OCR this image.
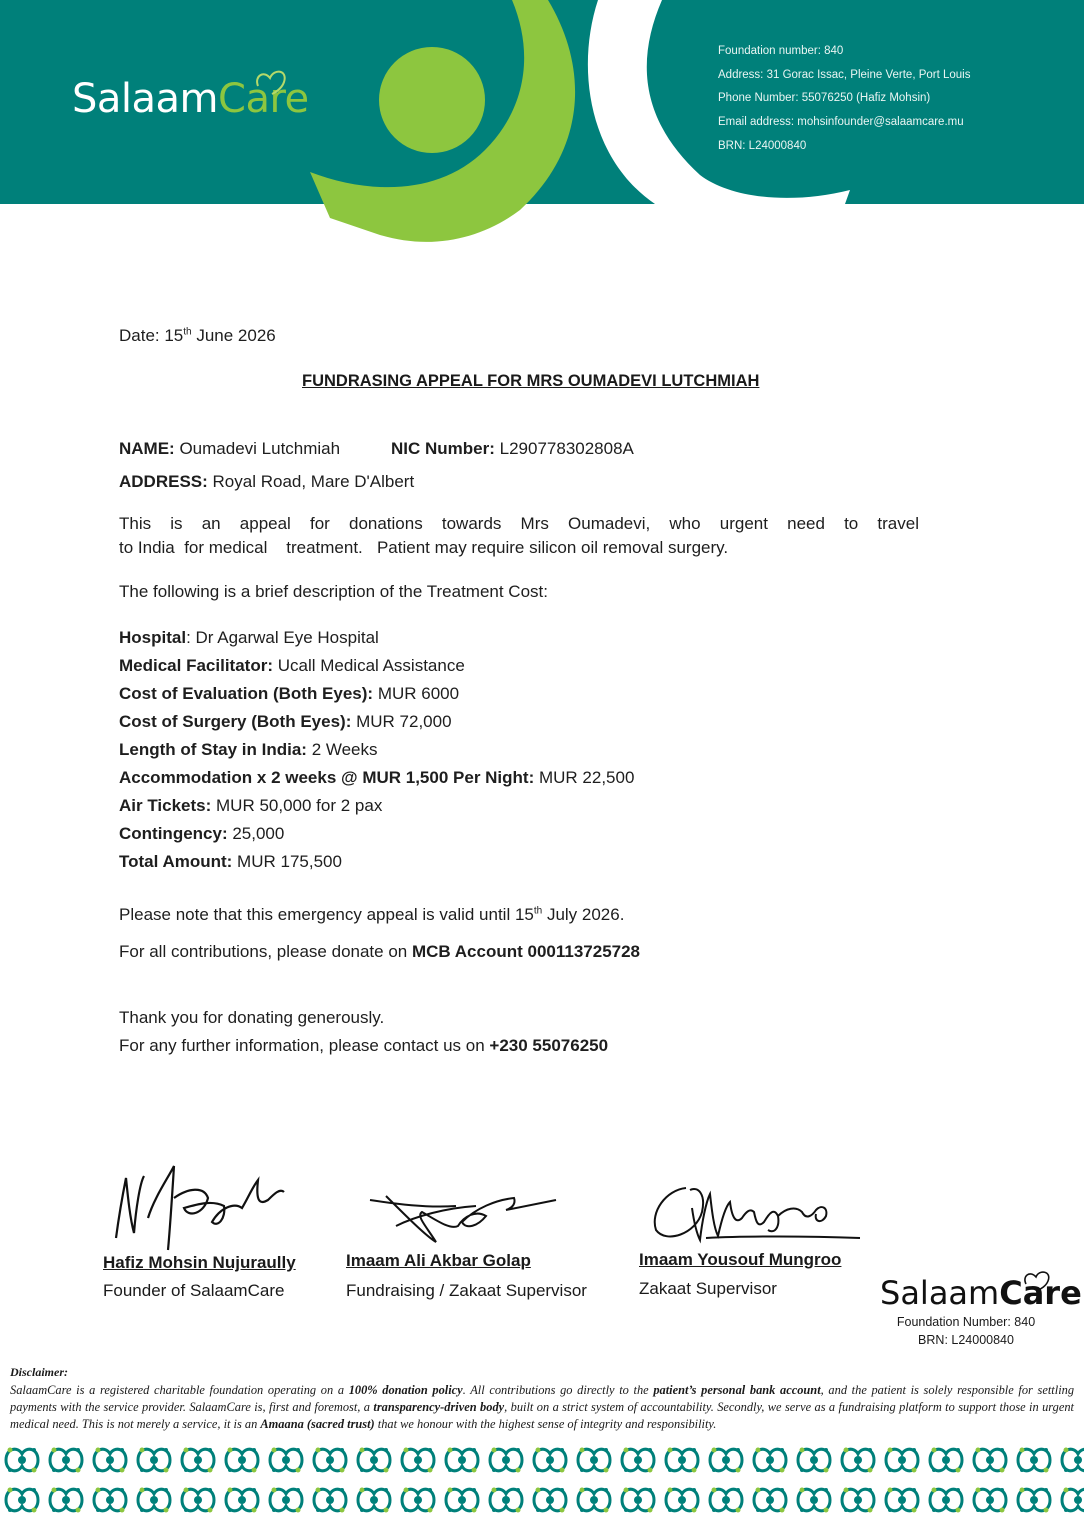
SalaamCare
Foundation number: 840
Address: 31 Gorac Issac, Pleine Verte, Port Louis
Phone Number: 55076250 (Hafiz Mohsin)
Email address: mohsinfounder@salaamcare.mu
BRN: L24000840
Date: 15th June 2026
FUNDRASING APPEAL FOR MRS OUMADEVI LUTCHMIAH
NAME: Oumadevi Lutchmiah	NIC Number: L290778302808A
ADDRESS: Royal Road, Mare D'Albert
This is an appeal for donations towards Mrs Oumadevi, who urgent need to travel
to India  for medical    treatment.   Patient may require silicon oil removal surgery.
The following is a brief description of the Treatment Cost:
Hospital: Dr Agarwal Eye Hospital
Medical Facilitator: Ucall Medical Assistance
Cost of Evaluation (Both Eyes): MUR 6000
Cost of Surgery (Both Eyes): MUR 72,000
Length of Stay in India: 2 Weeks
Accommodation x 2 weeks @ MUR 1,500 Per Night: MUR 22,500
Air Tickets: MUR 50,000 for 2 pax
Contingency: 25,000
Total Amount: MUR 175,500
Please note that this emergency appeal is valid until 15th July 2026.
For all contributions, please donate on MCB Account 000113725728
Thank you for donating generously.
For any further information, please contact us on +230 55076250
Hafiz Mohsin Nujuraully
Founder of SalaamCare
Imaam Ali Akbar Golap
Fundraising / Zakaat Supervisor
Imaam Yousouf Mungroo
Zakaat Supervisor	SalaamCare
Foundation Number: 840
BRN: L24000840
Disclaimer:
SalaamCare is a registered charitable foundation operating on a 100% donation policy. All contributions go directly to the patient’s personal bank account, and the patient is solely responsible for settling payments with the service provider. SalaamCare is, first and foremost, a transparency-driven body, built on a strict system of accountability. Secondly, we serve as a fundraising platform to support those in urgent medical need. This is not merely a service, it is an Amaana (sacred trust) that we honour with the highest sense of integrity and responsibility.
